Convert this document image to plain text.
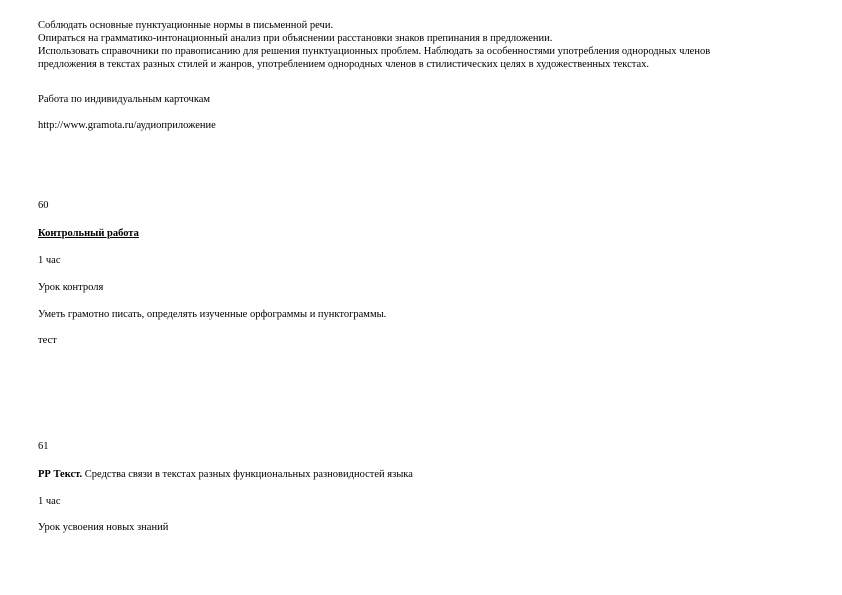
Соблюдать основные пунктуационные нормы в письменной речи.
Опираться на грамматико-интонационный анализ при объяснении расстановки знаков препинания в предложении.
Использовать справочники по правописанию для решения пунктуационных проблем. Наблюдать за особенностями употребления однородных членов
предложения в текстах разных стилей и жанров, употреблением однородных членов в стилистических целях в художественных текстах.
Работа по индивидуальным карточкам
http://www.gramota.ru/аудиоприложение
60
Контрольный работа
1 час
Урок контроля
Уметь грамотно писать, определять изученные орфограммы и пунктограммы.
тест
61
РР Текст. Средства связи в текстах разных функциональных разновидностей языка
1 час
Урок усвоения новых знаний
